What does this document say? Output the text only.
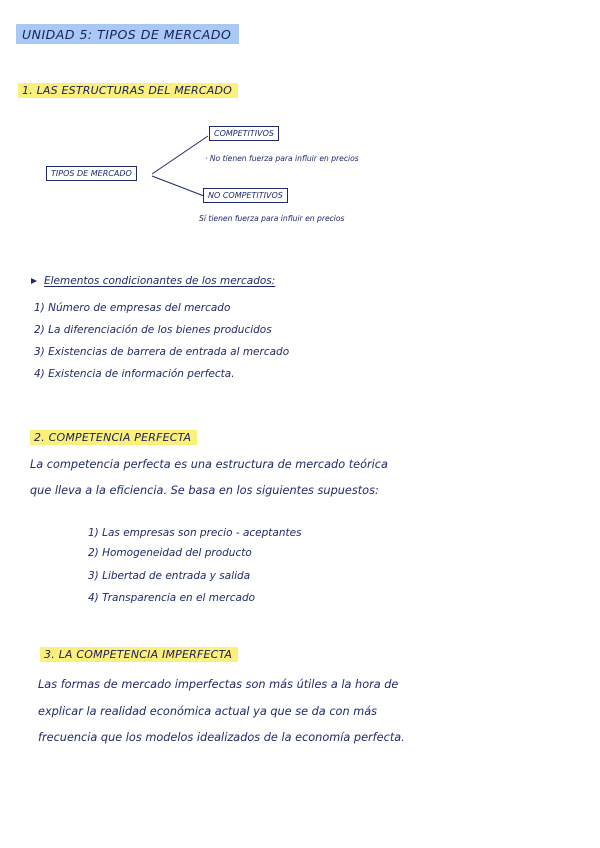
UNIDAD 5: TIPOS DE MERCADO
1. LAS ESTRUCTURAS DEL MERCADO
TIPOS DE MERCADO
COMPETITIVOS
· No tienen fuerza para influir en precios
NO COMPETITIVOS
Sí tienen fuerza para influir en precios
Elementos condicionantes de los mercados:
1) Número de empresas del mercado
2) La diferenciación de los bienes producidos
3) Existencias de barrera de entrada al mercado
4) Existencia de información perfecta.
2. COMPETENCIA PERFECTA
La competencia perfecta es una estructura de mercado teórica
que lleva a la eficiencia. Se basa en los siguientes supuestos:
1) Las empresas son precio - aceptantes
2) Homogeneidad del producto
3) Libertad de entrada y salida
4) Transparencia en el mercado
3. LA COMPETENCIA IMPERFECTA
Las formas de mercado imperfectas son más útiles a la hora de
explicar la realidad económica actual ya que se da con más
frecuencia que los modelos idealizados de la economía perfecta.
